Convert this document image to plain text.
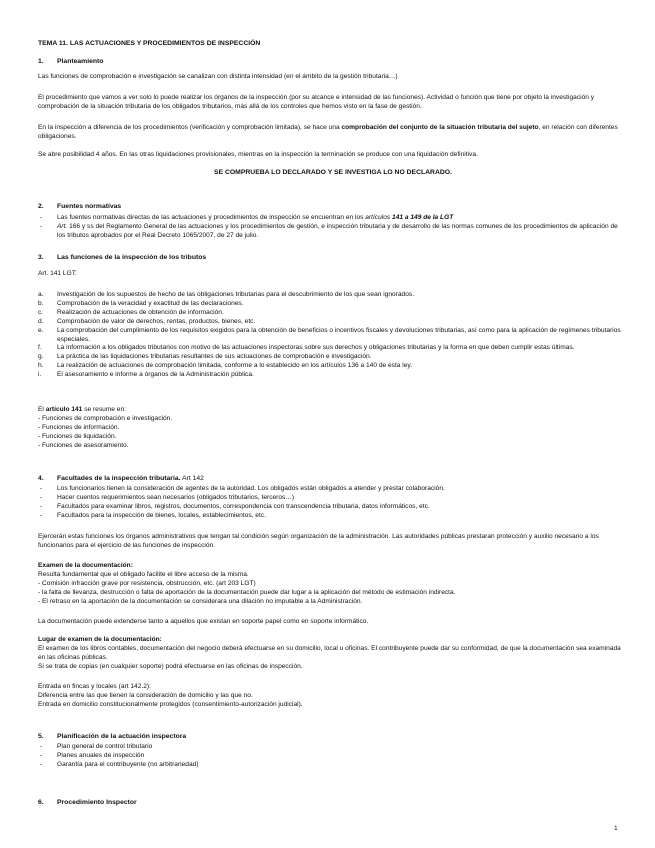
TEMA 11. LAS ACTUACIONES Y PROCEDIMIENTOS DE INSPECCIÓN

1. Planteamiento

Las funciones de comprobación e investigación se canalizan con distinta intensidad (en el ámbito de la gestión tributaria…)

El procedimiento que vamos a ver solo lo puede realizar los órganos de la inspección (por su alcance e intensidad de las funciones). Actividad o función que tiene por objeto la investigación y comprobación de la situación tributaria de los obligados tributarios, más allá de los controles que hemos visto en la fase de gestión.

En la inspección a diferencia de los procedimientos (verificación y comprobación limitada), se hace una comprobación del conjunto de la situación tributaria del sujeto, en relación con diferentes obligaciones.

Se abre posibilidad 4 años. En las otras liquidaciones provisionales, mientras en la inspección la terminación se produce con una liquidación definitiva.

SE COMPRUEBA LO DECLARADO Y SE INVESTIGA LO NO DECLARADO.

2. Fuentes normativas

- Las fuentes normativas directas de las actuaciones y procedimientos de inspección se encuentran en los artículos 141 a 149 de la LGT

- Art. 166 y ss del Reglamento General de las actuaciones y los procedimientos de gestión, e inspección tributaria y de desarrollo de las normas comunes de los procedimientos de aplicación de los tributos aprobados por el Real Decreto 1065/2007, de 27 de julio.

3. Las funciones de la inspección de los tributos

Art. 141 LGT:

a. Investigación de los supuestos de hecho de las obligaciones tributarias para el descubrimiento de los que sean ignorados.

b. Comprobación de la veracidad y exactitud de las declaraciones.

c. Realización de actuaciones de obtención de información.

d. Comprobación de valor de derechos, rentas, productos, bienes, etc.

e. La comprobación del cumplimiento de los requisitos exigidos para la obtención de beneficios o incentivos fiscales y devoluciones tributarias, así como para la aplicación de regímenes tributarios especiales.

f. La información a los obligados tributarios con motivo de las actuaciones inspectoras sobre sus derechos y obligaciones tributarias y la forma en que deben cumplir estas últimas.

g. La práctica de las liquidaciones tributarias resultantes de sus actuaciones de comprobación e investigación.

h. La realización de actuaciones de comprobación limitada, conforme a lo establecido en los artículos 136 a 140 de esta ley.

i. El asesoramiento e informe a órganos de la Administración pública.

El artículo 141 se resume en:

- Funciones de comprobación e investigación.

- Funciones de información.

- Funciones de liquidación.

- Funciones de asesoramiento.

4. Facultades de la inspección tributaria. Art 142

- Los funcionarios tienen la consideración de agentes de la autoridad. Los obligados están obligados a atender y prestar colaboración.

- Hacer cuentos requerimientos sean necesarios (obligados tributarios, terceros…)

- Facultados para examinar libros, registros, documentos, correspondencia con transcendencia tributaria, datos informáticos, etc.

- Facultados para la inspección de bienes, locales, establecimientos, etc.

Ejercerán estas funciones los órganos administrativos que tengan tal condición según organización de la administración. Las autoridades públicas prestaran protección y auxilio necesario a los funcionarios para el ejercicio de las funciones de inspección.

Examen de la documentación:

Resulta fundamental que el obligado facilite el libre acceso de la misma.

- Comisión infracción grave por resistencia, obstrucción, etc. (art 203 LGT)

- la falta de llevanza, destrucción o falta de aportación de la documentación puede dar lugar a la aplicación del método de estimación indirecta.

- El retraso en la aportación de la documentación se considerara una dilación no imputable a la Administración.

La documentación puede extenderse tanto a aquellos que existan en soporte papel como en soporte informático.

Lugar de examen de la documentación:

El examen de los libros contables, documentación del negocio deberá efectuarse en su domicilio, local u oficinas. El contribuyente puede dar su conformidad, de que la documentación sea examinada en las oficinas públicas.

Si se trata de copias (en cualquier soporte) podrá efectuarse en las oficinas de inspección.

Entrada en fincas y locales (art 142.2):

Diferencia entre las que tienen la consideración de domicilio y las que no.

Entrada en domicilio constitucionalmente protegidos (consentimiento-autorización judicial).

5. Planificación de la actuación inspectora

- Plan general de control tributario

- Planes anuales de inspección

- Garantía para el contribuyente (no arbitrariedad)

6. Procedimiento Inspector

1
